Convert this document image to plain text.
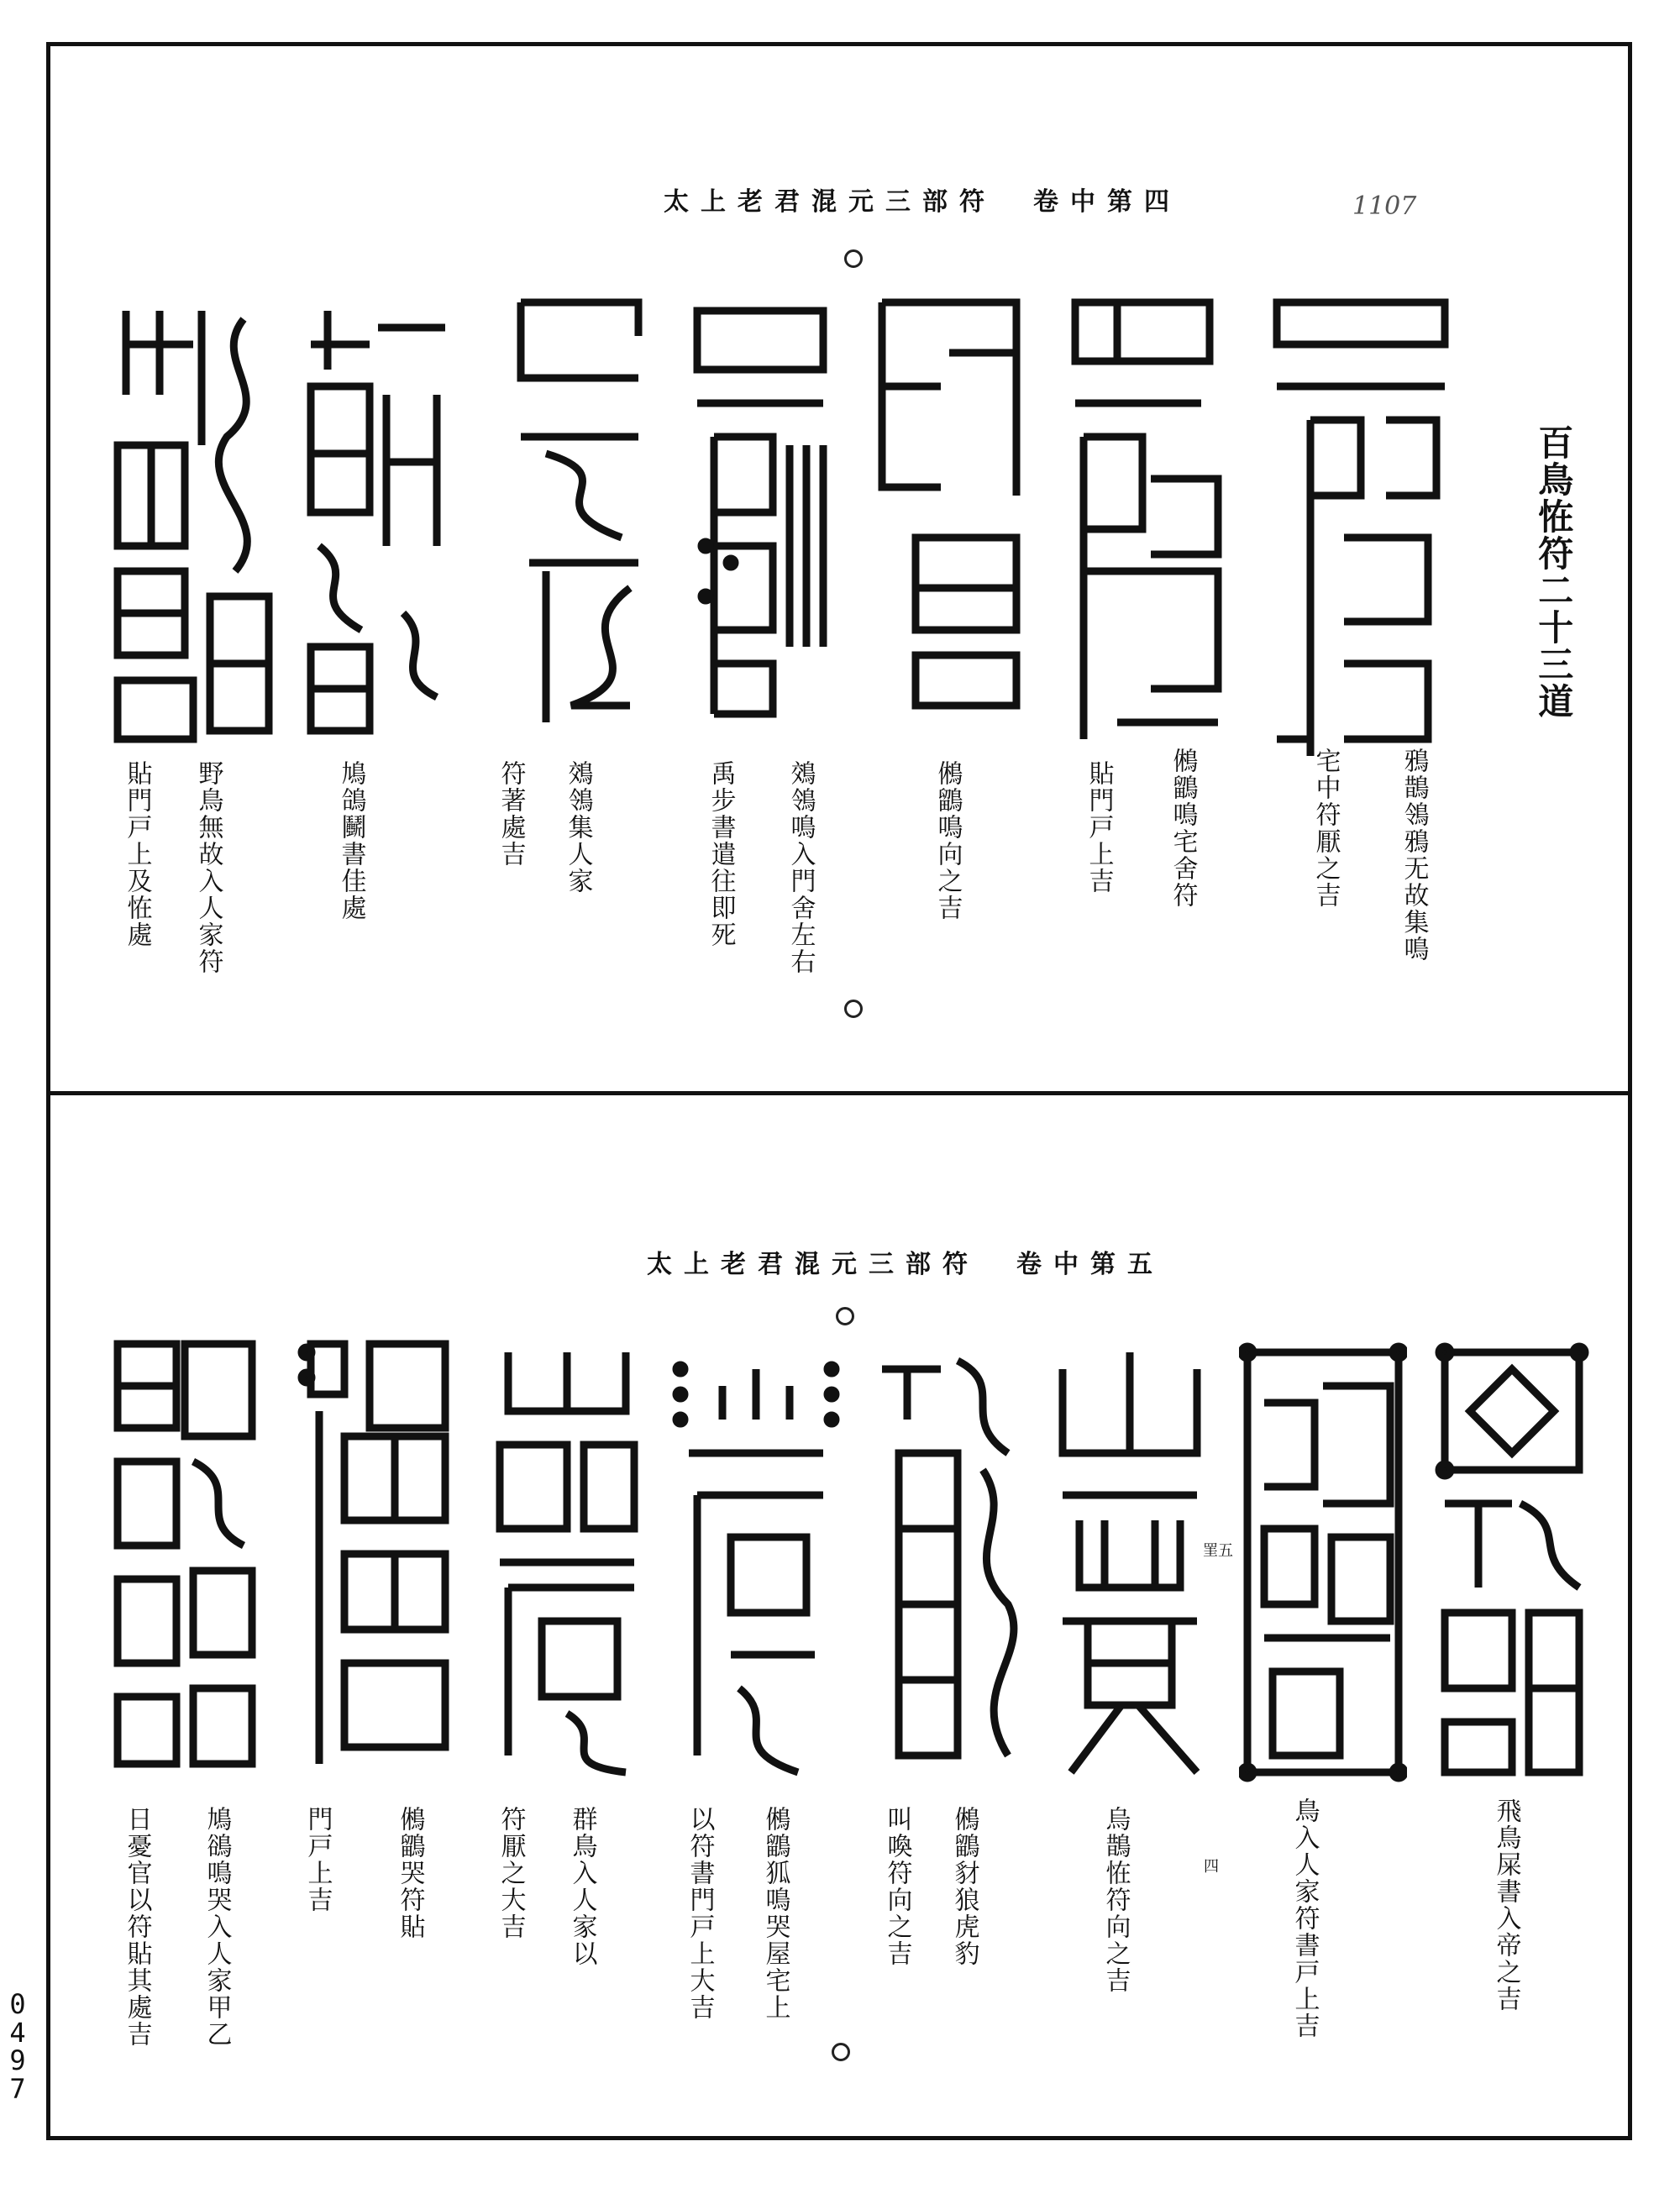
太上老君混元三部符　卷中第四	1107
百鳥恠符二十三道
鴉鵲鴒鴉无故集鳴
宅中符厭之吉
鵂鶹鳴宅舍符
貼門戸上吉
鵂鶹鳴向之吉
鵁鴒鳴入門舍左右
禹步書遣往即死
鵁鴒集人家
符著處吉
鳩鴿鬭書佳處
野鳥無故入人家符
貼門戸上及恠處
太上老君混元三部符　卷中第五
罣五
四	飛鳥屎書入帝之吉
鳥入人家符書戸上吉
烏鵲恠符向之吉
鵂鶹豺狼虎豹
叫喚符向之吉
鵂鶹狐鳴哭屋宅上
以符書門戸上大吉
群鳥入人家以
符厭之大吉
鵂鶹哭符貼
門戸上吉
鳩鵒鳴哭入人家甲乙
日憂官以符貼其處吉
0
4
9
7
